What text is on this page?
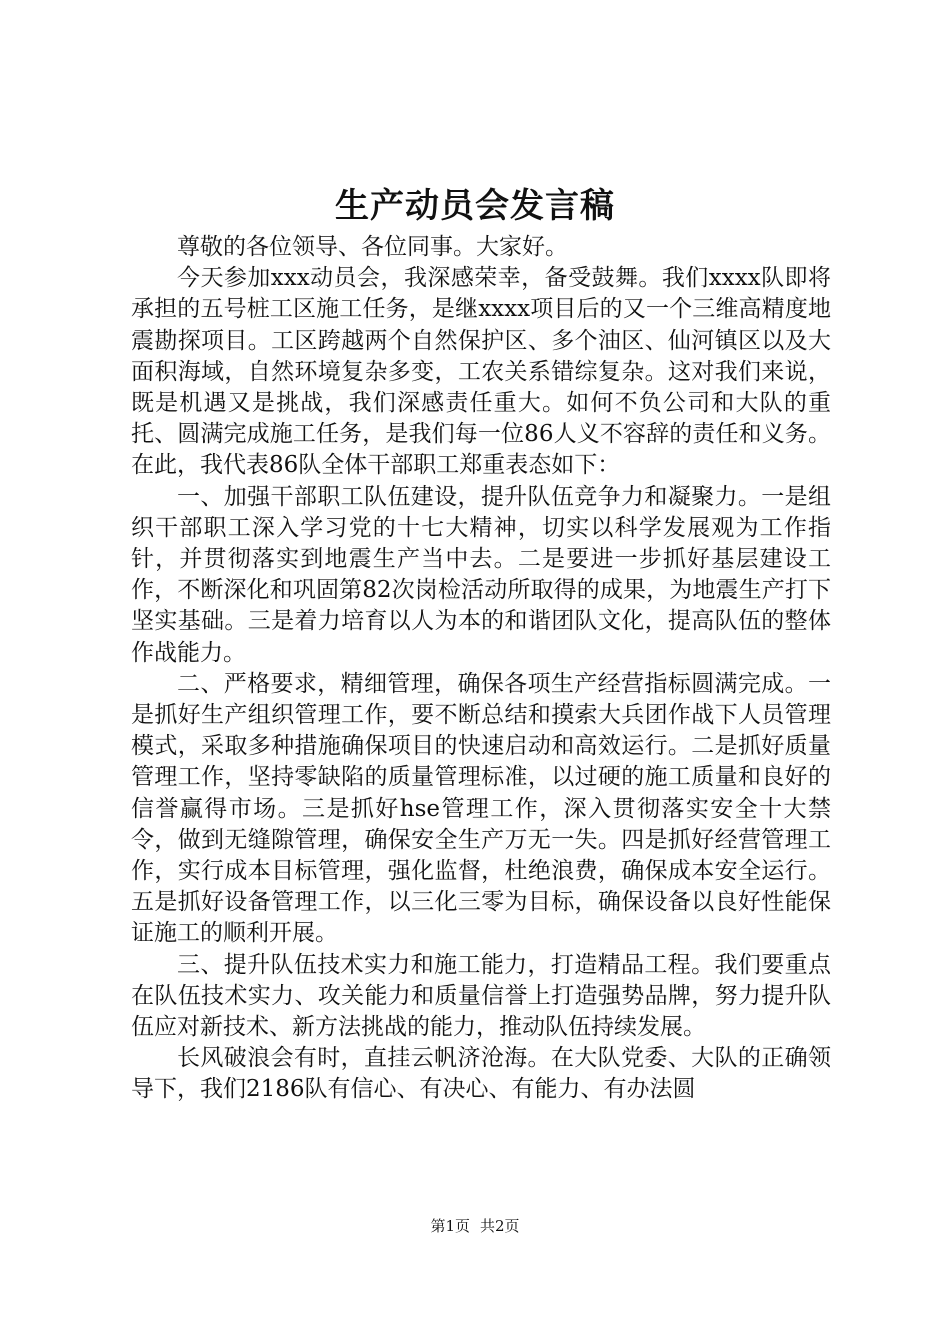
生产动员会发言稿

尊敬的各位领导、各位同事。大家好。

今天参加xxx动员会，我深感荣幸，备受鼓舞。我们xxxx队即将承担的五号桩工区施工任务，是继xxxx项目后的又一个三维高精度地震勘探项目。工区跨越两个自然保护区、多个油区、仙河镇区以及大面积海域，自然环境复杂多变，工农关系错综复杂。这对我们来说，既是机遇又是挑战，我们深感责任重大。如何不负公司和大队的重托、圆满完成施工任务，是我们每一位86人义不容辞的责任和义务。在此，我代表86队全体干部职工郑重表态如下：

一、加强干部职工队伍建设，提升队伍竞争力和凝聚力。一是组织干部职工深入学习党的十七大精神，切实以科学发展观为工作指针，并贯彻落实到地震生产当中去。二是要进一步抓好基层建设工作，不断深化和巩固第82次岗检活动所取得的成果，为地震生产打下坚实基础。三是着力培育以人为本的和谐团队文化，提高队伍的整体作战能力。

二、严格要求，精细管理，确保各项生产经营指标圆满完成。一是抓好生产组织管理工作，要不断总结和摸索大兵团作战下人员管理模式，采取多种措施确保项目的快速启动和高效运行。二是抓好质量管理工作，坚持零缺陷的质量管理标准，以过硬的施工质量和良好的信誉赢得市场。三是抓好hse管理工作，深入贯彻落实安全十大禁令，做到无缝隙管理，确保安全生产万无一失。四是抓好经营管理工作，实行成本目标管理，强化监督，杜绝浪费，确保成本安全运行。五是抓好设备管理工作，以三化三零为目标，确保设备以良好性能保证施工的顺利开展。

三、提升队伍技术实力和施工能力，打造精品工程。我们要重点在队伍技术实力、攻关能力和质量信誉上打造强势品牌，努力提升队伍应对新技术、新方法挑战的能力，推动队伍持续发展。

长风破浪会有时，直挂云帆济沧海。在大队党委、大队的正确领导下，我们2186队有信心、有决心、有能力、有办法圆

第1页 共2页
